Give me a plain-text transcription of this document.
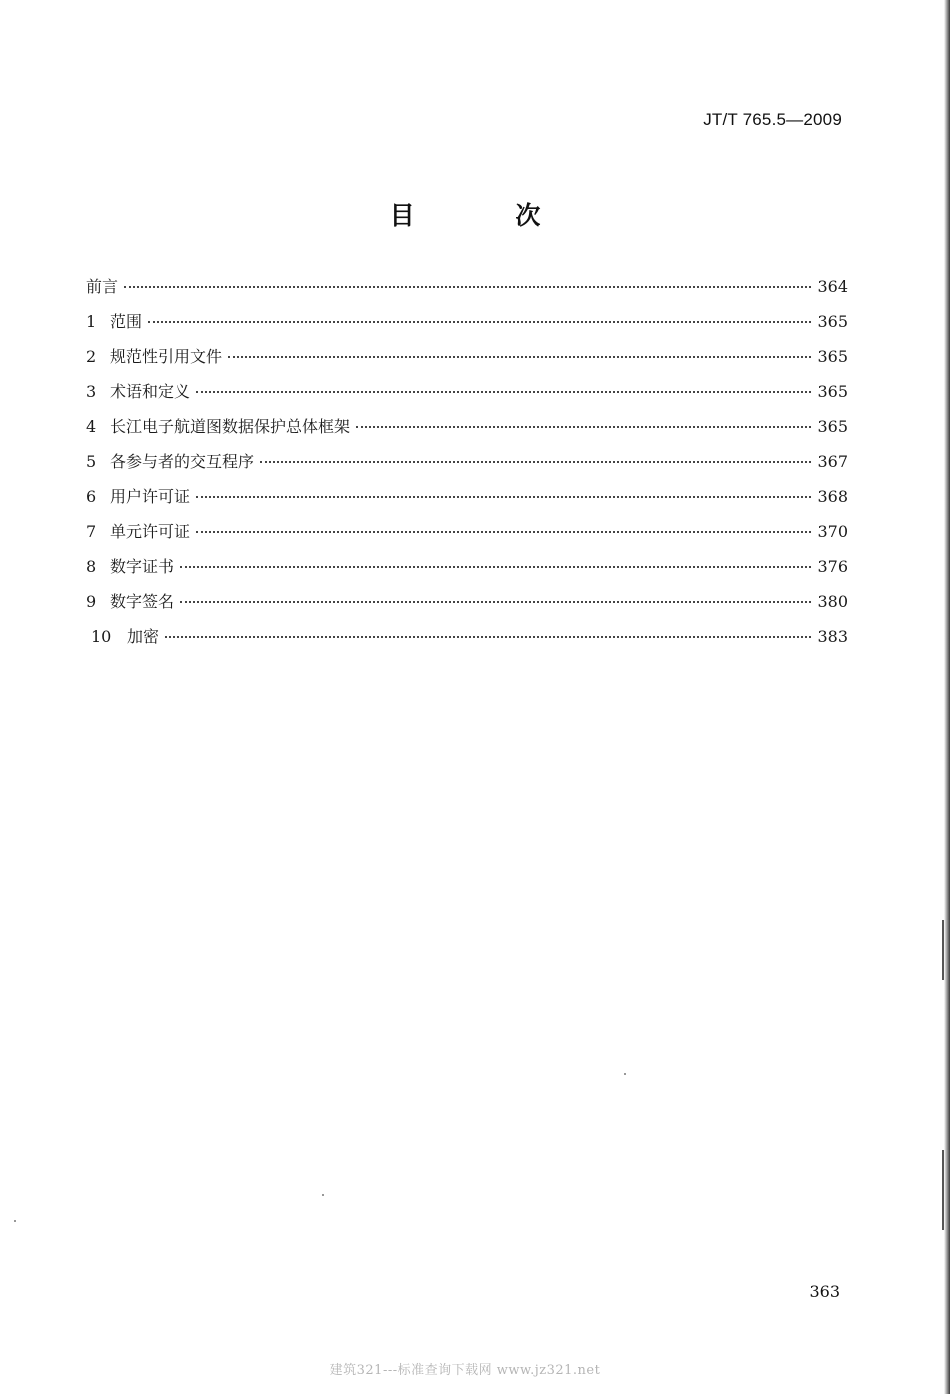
JT/T 765.5—2009
目 次
前言	364
1 范围	365
2 规范性引用文件	365
3 术语和定义	365
4 长江电子航道图数据保护总体框架	365
5 各参与者的交互程序	367
6 用户许可证	368
7 单元许可证	370
8 数字证书	376
9 数字签名	380
10 加密	383
363
建筑321---标准查询下载网 www.jz321.net
